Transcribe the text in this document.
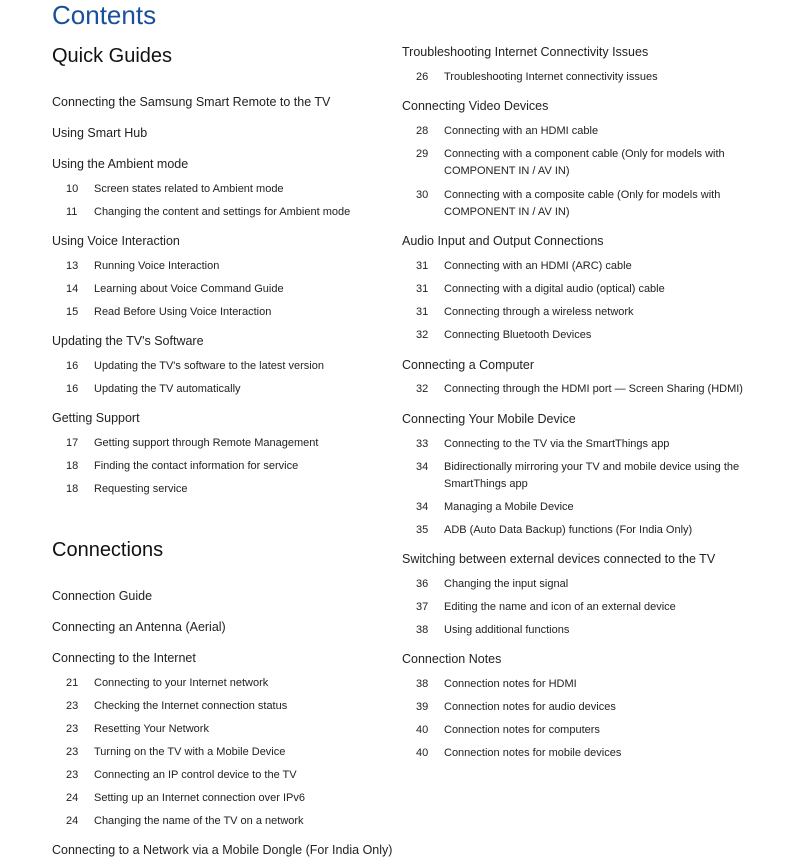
Contents
Quick Guides
Connecting the Samsung Smart Remote to the TV
Using Smart Hub
Using the Ambient mode
10	Screen states related to Ambient mode
11	Changing the content and settings for Ambient mode
Using Voice Interaction
13	Running Voice Interaction
14	Learning about Voice Command Guide
15	Read Before Using Voice Interaction
Updating the TV's Software
16	Updating the TV's software to the latest version
16	Updating the TV automatically
Getting Support
17	Getting support through Remote Management
18	Finding the contact information for service
18	Requesting service
Connections
Connection Guide
Connecting an Antenna (Aerial)
Connecting to the Internet
21	Connecting to your Internet network
23	Checking the Internet connection status
23	Resetting Your Network
23	Turning on the TV with a Mobile Device
23	Connecting an IP control device to the TV
24	Setting up an Internet connection over IPv6
24	Changing the name of the TV on a network
Connecting to a Network via a Mobile Dongle (For India Only)
Troubleshooting Internet Connectivity Issues
26	Troubleshooting Internet connectivity issues
Connecting Video Devices
28	Connecting with an HDMI cable
29	Connecting with a component cable (Only for models with COMPONENT IN / AV IN)
30	Connecting with a composite cable (Only for models with COMPONENT IN / AV IN)
Audio Input and Output Connections
31	Connecting with an HDMI (ARC) cable
31	Connecting with a digital audio (optical) cable
31	Connecting through a wireless network
32	Connecting Bluetooth Devices
Connecting a Computer
32	Connecting through the HDMI port — Screen Sharing (HDMI)
Connecting Your Mobile Device
33	Connecting to the TV via the SmartThings app
34	Bidirectionally mirroring your TV and mobile device using the SmartThings app
34	Managing a Mobile Device
35	ADB (Auto Data Backup) functions (For India Only)
Switching between external devices connected to the TV
36	Changing the input signal
37	Editing the name and icon of an external device
38	Using additional functions
Connection Notes
38	Connection notes for HDMI
39	Connection notes for audio devices
40	Connection notes for computers
40	Connection notes for mobile devices
